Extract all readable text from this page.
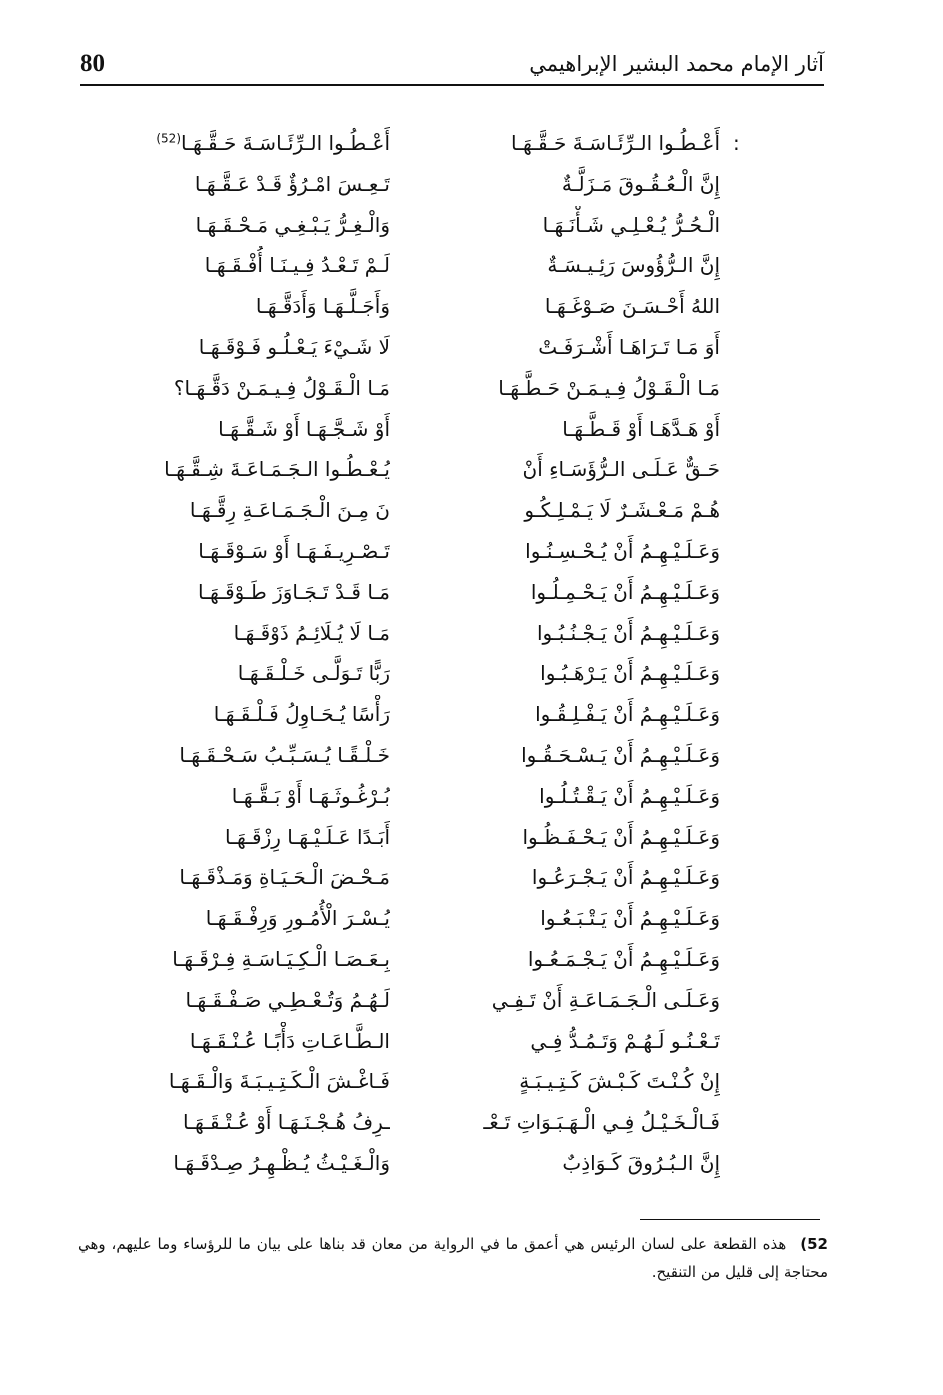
80	آثار الإمام محمد البشير الإبراهيمي
:
أَعْـطُـوا الـرِّئَـاسَـةَ حَـقَّـهَـا
أَعْـطُـوا الـرِّئَـاسَـةَ حَـقَّـهَـا$^{(52)}$
إِنَّ الْـعُـقُـوقَ مَـزَلَّـةٌ
تَـعِـسَ امْـرُؤٌ قَـدْ عَـقَّـهَـا
الْـحُـرُّ يُـعْـلِـي شَـأْنَـهَـا
وَالْـغِـرُّ يَـبْـغِـي مَـحْـقَـهَـا
إِنَّ الـرُّؤُوسَ رَئِـيـسَـةٌ
لَـمْ تَـعْـدُ فِـيـنَـا أُفْـقَـهَـا
اللهُ أَحْـسَـنَ صَـوْغَـهَـا
وَأَجَـلَّـهَـا وَأَدَقَّـهَـا
أَوَ مَـا تَـرَاهَـا أَشْـرَفَـتْ
لَا شَـيْءَ يَـعْـلُـو فَـوْقَـهَـا
مَـا الْـقَـوْلُ فِـيـمَـنْ حَـطَّـهَـا
مَـا الْـقَـوْلُ فِـيـمَـنْ دَقَّـهَـا؟
أَوْ هَـدَّهَـا أَوْ قَـطَّـهَـا
أَوْ شَـجَّـهَـا أَوْ شَـقَّـهَـا
حَـقٌّ عَـلَـى الـرُّؤَسَـاءِ أَنْ
يُـعْـطُـوا الـجَـمَـاعَـةَ شِـقَّـهَـا
هُـمْ مَـعْـشَـرٌ لَا يَـمْـلِـكُـو
نَ مِـنَ الْـجَـمَـاعَـةِ رِقَّـهَـا
وَعَـلَـيْـهِـمُ أَنْ يُـحْـسِـنُـوا
تَـصْـرِيـفَـهَـا أَوْ سَـوْقَـهَـا
وَعَـلَـيْـهِـمُ أَنْ يَـحْـمِـلُـوا
مَـا قَـدْ تَـجَـاوَزَ طَـوْقَـهَـا
وَعَـلَـيْـهِـمُ أَنْ يَـجْـنُـبُـوا
مَـا لَا يُـلَائِـمُ ذَوْقَـهَـا
وَعَـلَـيْـهِـمُ أَنْ يَـرْهَـبُـوا
رَبًّا تَـوَلَّـى خَـلْـقَـهَـا
وَعَـلَـيْـهِـمُ أَنْ يَـفْـلِـقُـوا
رَأْسًا يُـحَـاوِلُ فَـلْـقَـهَـا
وَعَـلَـيْـهِـمُ أَنْ يَـسْـحَـقُـوا
خَـلْـقًـا يُـسَـبِّـبُ سَـحْـقَـهَـا
وَعَـلَـيْـهِـمُ أَنْ يَـقْـتُـلُـوا
بُـرْغُـوثَـهَـا أَوْ بَـقَّـهَـا
وَعَـلَـيْـهِـمُ أَنْ يَـحْـفَـظُـوا
أَبَـدًا عَـلَـيْـهَـا رِزْقَـهَـا
وَعَـلَـيْـهِـمُ أَنْ يَـجْـرَعُـوا
مَـحْـضَ الْـحَـيَـاةِ وَمَـذْقَـهَـا
وَعَـلَـيْـهِـمُ أَنْ يَـتْـبَـعُـوا
يُـسْـرَ الْأُمُـورِ وَرِفْـقَـهَـا
وَعَـلَـيْـهِـمُ أَنْ يَـجْـمَـعُـوا
بِـعَـصَـا الْـكِـيَـاسَـةِ فِـرْقَـهَـا
وَعَـلَـى الْـجَـمَـاعَـةِ أَنْ تَـفِـي
لَـهُـمُ وَتُـعْـطِـي صَـفْـقَـهَـا
تَـعْـنُـو لَـهُـمْ وَتَـمُـدُّ فِـي
الـطَّـاعَـاتِ دَأْبًـا عُـنْـقَـهَـا
إِنْ كُـنْـتَ كَـبْـشَ كَـتِـيـبَـةٍ
فَـاغْـشَ الْـكَـتِـيـبَـةَ وَالْـقَـهَـا
فَـالْـخَـيْـلُ فِـي الْـهَـبَـوَاتِ تَـعْـ
ـرِفُ هُـجْـنَـهَـا أَوْ عُـتْـقَـهَـا
إِنَّ الـبُـرُوقَ كَـوَاذِبٌ
وَالْـغَـيْـثُ يُـظْـهِـرُ صِـدْقَـهَـا
52)هذه القطعة على لسان الرئيس هي أعمق ما في الرواية من معان قد بناها على بيان ما للرؤساء وما عليهم، وهي محتاجة إلى قليل من التنقيح.
